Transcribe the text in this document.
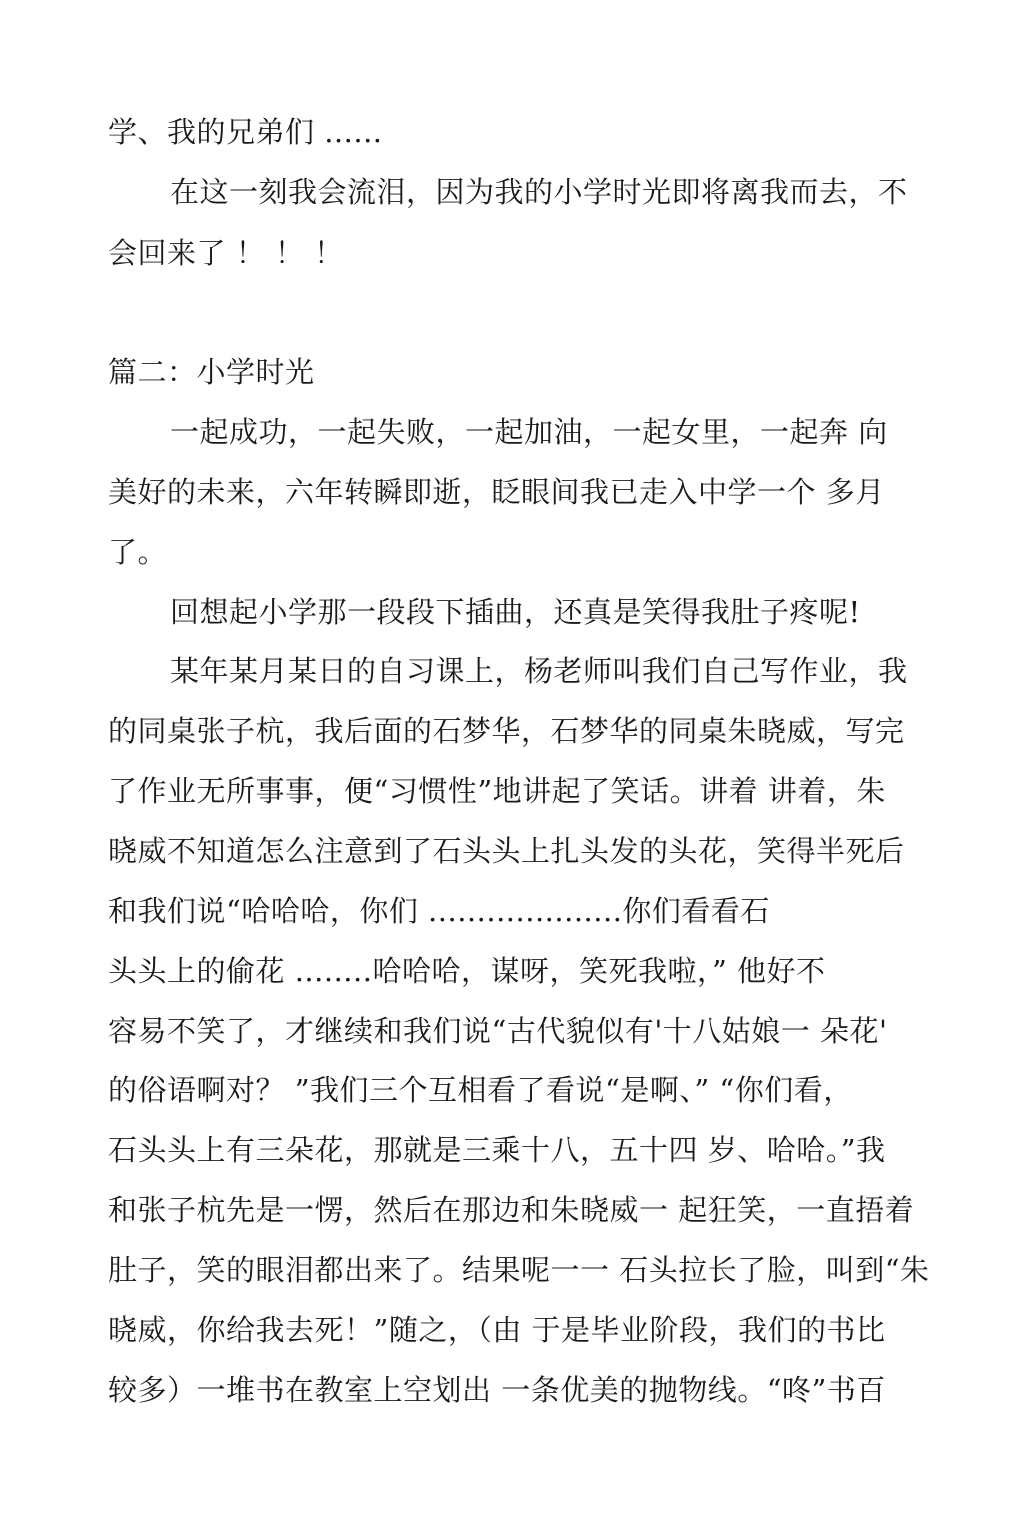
学、我的兄弟们 ......
在这一刻我会流泪，因为我的小学时光即将离我而去，不
会回来了 ！ ！ ！
篇二：小学时光
一起成功，一起失败，一起加油，一起女里，一起奔 向
美好的未来，六年转瞬即逝，眨眼间我已走入中学一个 多月
了。
回想起小学那一段段下插曲，还真是笑得我肚子疼呢!
某年某月某日的自习课上，杨老师叫我们自己写作业，我
的同桌张子杭，我后面的石梦华，石梦华的同桌朱晓威，写完
了作业无所事事，便“习惯性”地讲起了笑话。讲着 讲着，朱
晓威不知道怎么注意到了石头头上扎头发的头花，笑得半死后
和我们说“哈哈哈，你们 ....................你们看看石
头头上的偷花 ........哈哈哈，谋呀，笑死我啦，” 他好不
容易不笑了，才继续和我们说“古代貌似有'十八姑娘一 朵花'
的俗语啊对？ ”我们三个互相看了看说“是啊、” “你们看，
石头头上有三朵花，那就是三乘十八，五十四 岁、哈哈。”我
和张子杭先是一愣，然后在那边和朱晓威一 起狂笑，一直捂着
肚子，笑的眼泪都出来了。结果呢一一 石头拉长了脸，叫到“朱
晓威，你给我去死！”随之，（由 于是毕业阶段，我们的书比
较多）一堆书在教室上空划出 一条优美的抛物线。“咚”书百
